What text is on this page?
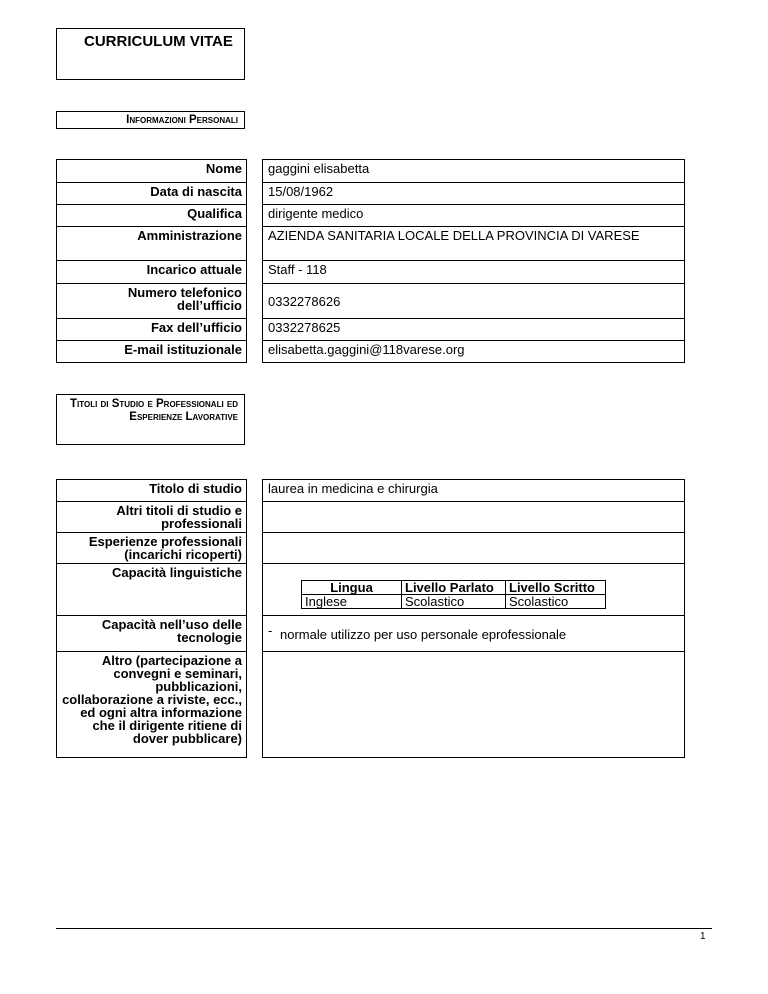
CURRICULUM VITAE
Informazioni Personali
Nome		gaggini elisabetta
Data di nascita		15/08/1962
Qualifica		dirigente medico
Amministrazione		AZIENDA SANITARIA LOCALE DELLA PROVINCIA DI VARESE
Incarico attuale		Staff - 118
Numero telefonico dell’ufficio		0332278626
Fax dell’ufficio		0332278625
E-mail istituzionale		elisabetta.gaggini@118varese.org
Titoli di Studio e Professionali ed Esperienze Lavorative
Titolo di studio		laurea in medicina e chirurgia
Altri titoli di studio e professionali		
Esperienze professionali (incarichi ricoperti)		
Capacità linguistiche		
Lingua	Livello Parlato	Livello Scritto
Inglese	Scolastico	Scolastico

Capacità nell’uso delle tecnologie		- normale utilizzo per uso personale eprofessionale
Altro (partecipazione a convegni e seminari, pubblicazioni, collaborazione a riviste, ecc., ed ogni altra informazione che il dirigente ritiene di dover pubblicare)		
1
